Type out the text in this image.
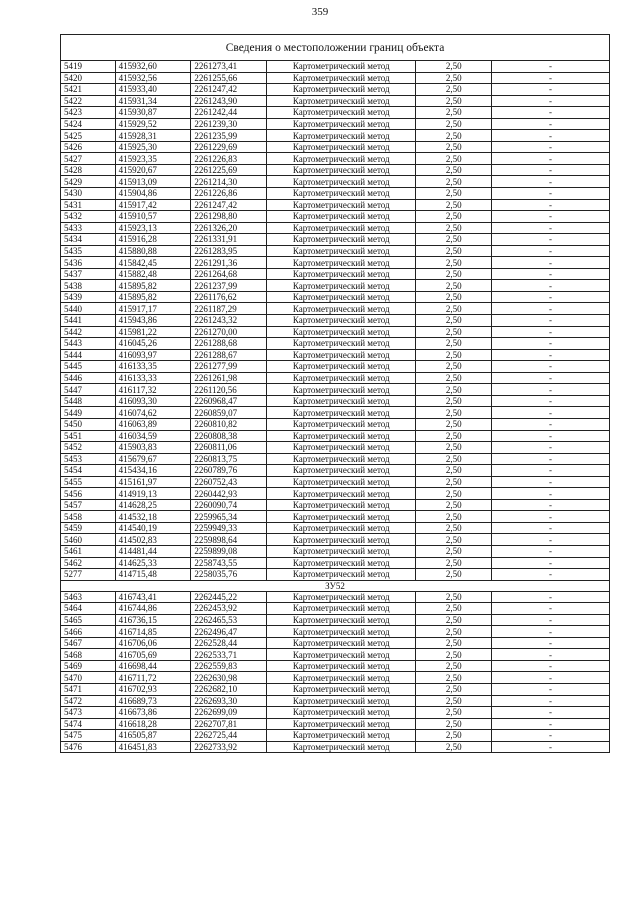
359
Сведения о местоположении границ объекта					
5419	415932,60	2261273,41	Картометрический метод	2,50	-
5420	415932,56	2261255,66	Картометрический метод	2,50	-
5421	415933,40	2261247,42	Картометрический метод	2,50	-
5422	415931,34	2261243,90	Картометрический метод	2,50	-
5423	415930,87	2261242,44	Картометрический метод	2,50	-
5424	415929,52	2261239,30	Картометрический метод	2,50	-
5425	415928,31	2261235,99	Картометрический метод	2,50	-
5426	415925,30	2261229,69	Картометрический метод	2,50	-
5427	415923,35	2261226,83	Картометрический метод	2,50	-
5428	415920,67	2261225,69	Картометрический метод	2,50	-
5429	415913,09	2261214,30	Картометрический метод	2,50	-
5430	415904,86	2261226,86	Картометрический метод	2,50	-
5431	415917,42	2261247,42	Картометрический метод	2,50	-
5432	415910,57	2261298,80	Картометрический метод	2,50	-
5433	415923,13	2261326,20	Картометрический метод	2,50	-
5434	415916,28	2261331,91	Картометрический метод	2,50	-
5435	415880,88	2261283,95	Картометрический метод	2,50	-
5436	415842,45	2261291,36	Картометрический метод	2,50	-
5437	415882,48	2261264,68	Картометрический метод	2,50	-
5438	415895,82	2261237,99	Картометрический метод	2,50	-
5439	415895,82	2261176,62	Картометрический метод	2,50	-
5440	415917,17	2261187,29	Картометрический метод	2,50	-
5441	415943,86	2261243,32	Картометрический метод	2,50	-
5442	415981,22	2261270,00	Картометрический метод	2,50	-
5443	416045,26	2261288,68	Картометрический метод	2,50	-
5444	416093,97	2261288,67	Картометрический метод	2,50	-
5445	416133,35	2261277,99	Картометрический метод	2,50	-
5446	416133,33	2261261,98	Картометрический метод	2,50	-
5447	416117,32	2261120,56	Картометрический метод	2,50	-
5448	416093,30	2260968,47	Картометрический метод	2,50	-
5449	416074,62	2260859,07	Картометрический метод	2,50	-
5450	416063,89	2260810,82	Картометрический метод	2,50	-
5451	416034,59	2260808,38	Картометрический метод	2,50	-
5452	415903,83	2260811,06	Картометрический метод	2,50	-
5453	415679,67	2260813,75	Картометрический метод	2,50	-
5454	415434,16	2260789,76	Картометрический метод	2,50	-
5455	415161,97	2260752,43	Картометрический метод	2,50	-
5456	414919,13	2260442,93	Картометрический метод	2,50	-
5457	414628,25	2260090,74	Картометрический метод	2,50	-
5458	414532,18	2259965,34	Картометрический метод	2,50	-
5459	414540,19	2259949,33	Картометрический метод	2,50	-
5460	414502,83	2259898,64	Картометрический метод	2,50	-
5461	414481,44	2259899,08	Картометрический метод	2,50	-
5462	414625,33	2258743,55	Картометрический метод	2,50	-
5277	414715,48	2258035,76	Картометрический метод	2,50	-
ЗУ52					
5463	416743,41	2262445,22	Картометрический метод	2,50	-
5464	416744,86	2262453,92	Картометрический метод	2,50	-
5465	416736,15	2262465,53	Картометрический метод	2,50	-
5466	416714,85	2262496,47	Картометрический метод	2,50	-
5467	416706,06	2262528,44	Картометрический метод	2,50	-
5468	416705,69	2262533,71	Картометрический метод	2,50	-
5469	416698,44	2262559,83	Картометрический метод	2,50	-
5470	416711,72	2262630,98	Картометрический метод	2,50	-
5471	416702,93	2262682,10	Картометрический метод	2,50	-
5472	416689,73	2262693,30	Картометрический метод	2,50	-
5473	416673,86	2262699,09	Картометрический метод	2,50	-
5474	416618,28	2262707,81	Картометрический метод	2,50	-
5475	416505,87	2262725,44	Картометрический метод	2,50	-
5476	416451,83	2262733,92	Картометрический метод	2,50	-
